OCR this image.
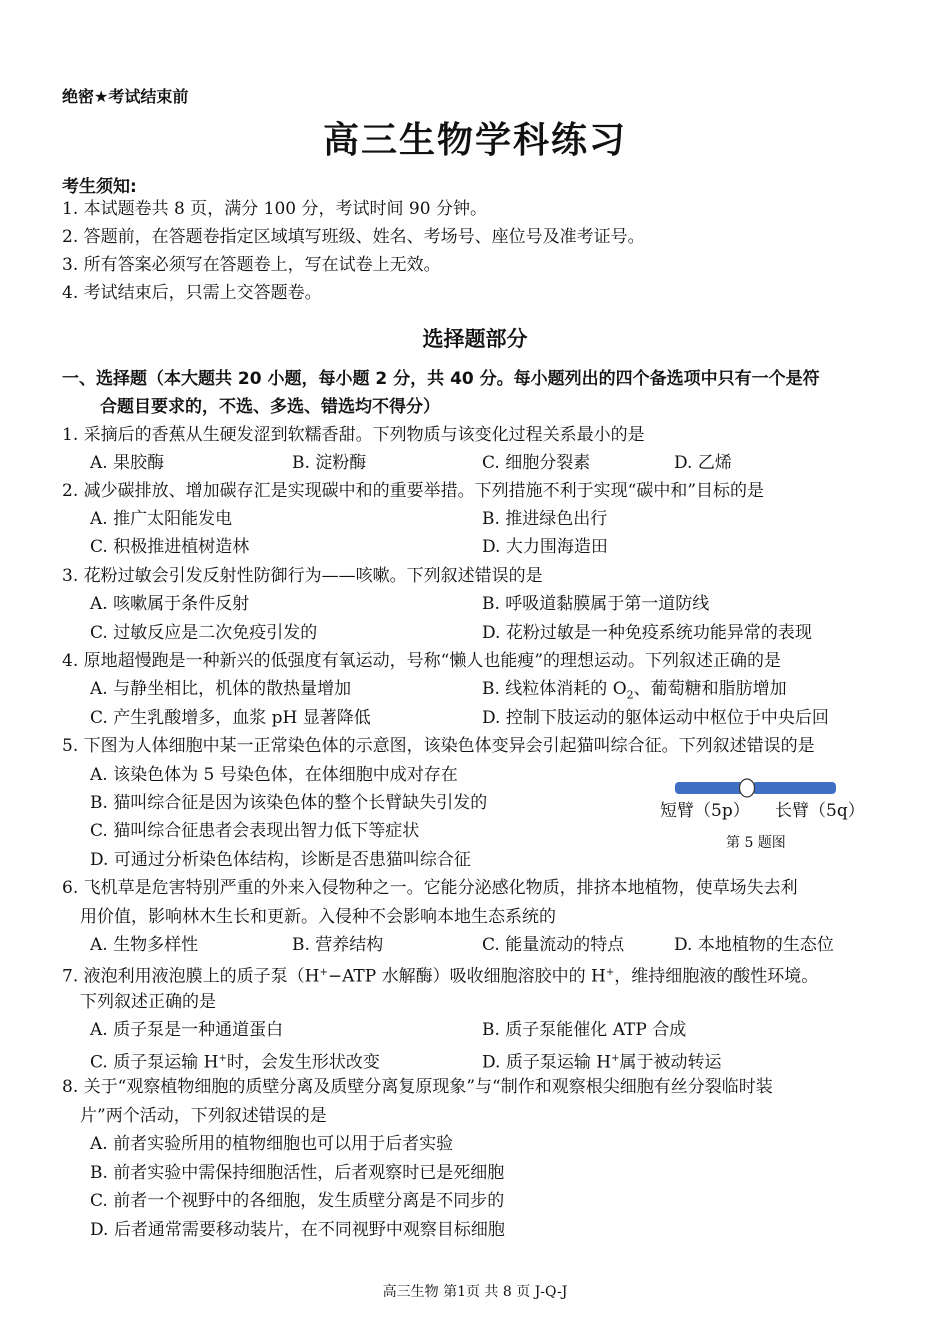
绝密★考试结束前
高三生物学科练习
考生须知:
1. 本试题卷共 8 页，满分 100 分，考试时间 90 分钟。
2. 答题前，在答题卷指定区域填写班级、姓名、考场号、座位号及准考证号。
3. 所有答案必须写在答题卷上，写在试卷上无效。
4. 考试结束后，只需上交答题卷。
选择题部分
一、选择题（本大题共 20 小题，每小题 2 分，共 40 分。每小题列出的四个备选项中只有一个是符
合题目要求的，不选、多选、错选均不得分）
1. 采摘后的香蕉从生硬发涩到软糯香甜。下列物质与该变化过程关系最小的是
A. 果胶酶	B. 淀粉酶	C. 细胞分裂素	D. 乙烯
2. 减少碳排放、增加碳存汇是实现碳中和的重要举措。下列措施不利于实现“碳中和”目标的是
A. 推广太阳能发电	B. 推进绿色出行
C. 积极推进植树造林	D. 大力围海造田
3. 花粉过敏会引发反射性防御行为——咳嗽。下列叙述错误的是
A. 咳嗽属于条件反射	B. 呼吸道黏膜属于第一道防线
C. 过敏反应是二次免疫引发的	D. 花粉过敏是一种免疫系统功能异常的表现
4. 原地超慢跑是一种新兴的低强度有氧运动，号称“懒人也能瘦”的理想运动。下列叙述正确的是
A. 与静坐相比，机体的散热量增加	B. 线粒体消耗的 $O_2$、葡萄糖和脂肪增加
C. 产生乳酸增多，血浆 pH 显著降低	D. 控制下肢运动的躯体运动中枢位于中央后回
5. 下图为人体细胞中某一正常染色体的示意图，该染色体变异会引起猫叫综合征。下列叙述错误的是
A. 该染色体为 5 号染色体，在体细胞中成对存在
B. 猫叫综合征是因为该染色体的整个长臂缺失引发的
C. 猫叫综合征患者会表现出智力低下等症状
D. 可通过分析染色体结构，诊断是否患猫叫综合征
短臂（5p） 长臂（5q）
第 5 题图
6. 飞机草是危害特别严重的外来入侵物种之一。它能分泌感化物质，排挤本地植物，使草场失去利
用价值，影响林木生长和更新。入侵种不会影响本地生态系统的
A. 生物多样性	B. 营养结构	C. 能量流动的特点	D. 本地植物的生态位
7. 液泡利用液泡膜上的质子泵（H+−ATP 水解酶）吸收细胞溶胶中的 H+，维持细胞液的酸性环境。
下列叙述正确的是
A. 质子泵是一种通道蛋白	B. 质子泵能催化 ATP 合成
C. 质子泵运输 H+时，会发生形状改变	D. 质子泵运输 H+属于被动转运
8. 关于“观察植物细胞的质壁分离及质壁分离复原现象”与“制作和观察根尖细胞有丝分裂临时装
片”两个活动，下列叙述错误的是
A. 前者实验所用的植物细胞也可以用于后者实验
B. 前者实验中需保持细胞活性，后者观察时已是死细胞
C. 前者一个视野中的各细胞，发生质壁分离是不同步的
D. 后者通常需要移动装片，在不同视野中观察目标细胞
高三生物 第1页 共 8 页 J-Q-J
